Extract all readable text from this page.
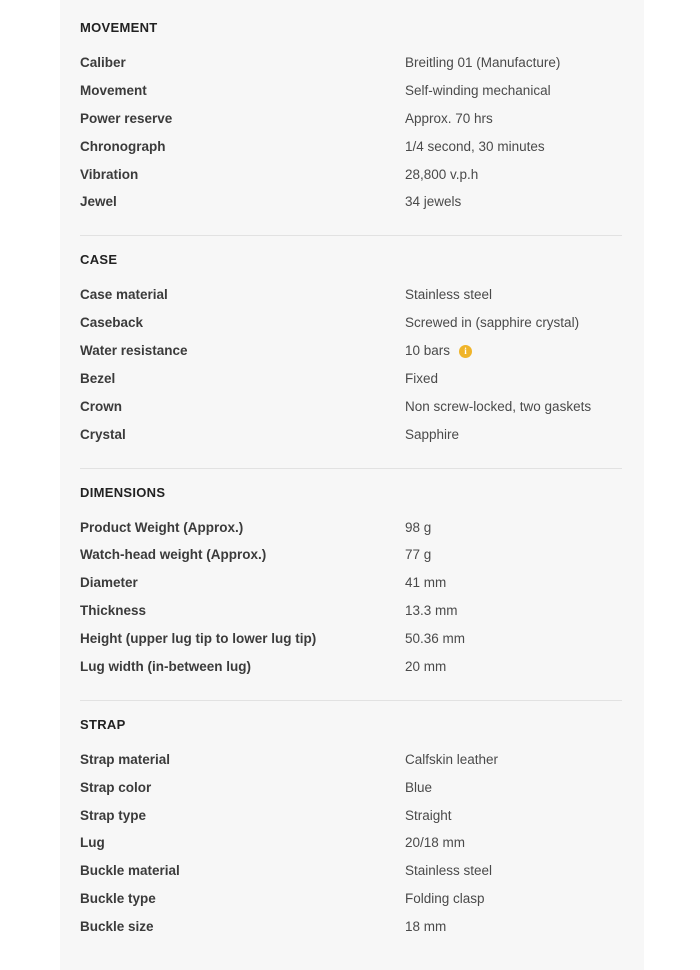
MOVEMENT
Caliber	Breitling 01 (Manufacture)
Movement	Self-winding mechanical
Power reserve	Approx. 70 hrs
Chronograph	1/4 second, 30 minutes
Vibration	28,800 v.p.h
Jewel	34 jewels
CASE
Case material	Stainless steel
Caseback	Screwed in (sapphire crystal)
Water resistance	10 bars	i
Bezel	Fixed
Crown	Non screw-locked, two gaskets
Crystal	Sapphire
DIMENSIONS
Product Weight (Approx.)	98 g
Watch-head weight (Approx.)	77 g
Diameter	41 mm
Thickness	13.3 mm
Height (upper lug tip to lower lug tip)	50.36 mm
Lug width (in-between lug)	20 mm
STRAP
Strap material	Calfskin leather
Strap color	Blue
Strap type	Straight
Lug	20/18 mm
Buckle material	Stainless steel
Buckle type	Folding clasp
Buckle size	18 mm
